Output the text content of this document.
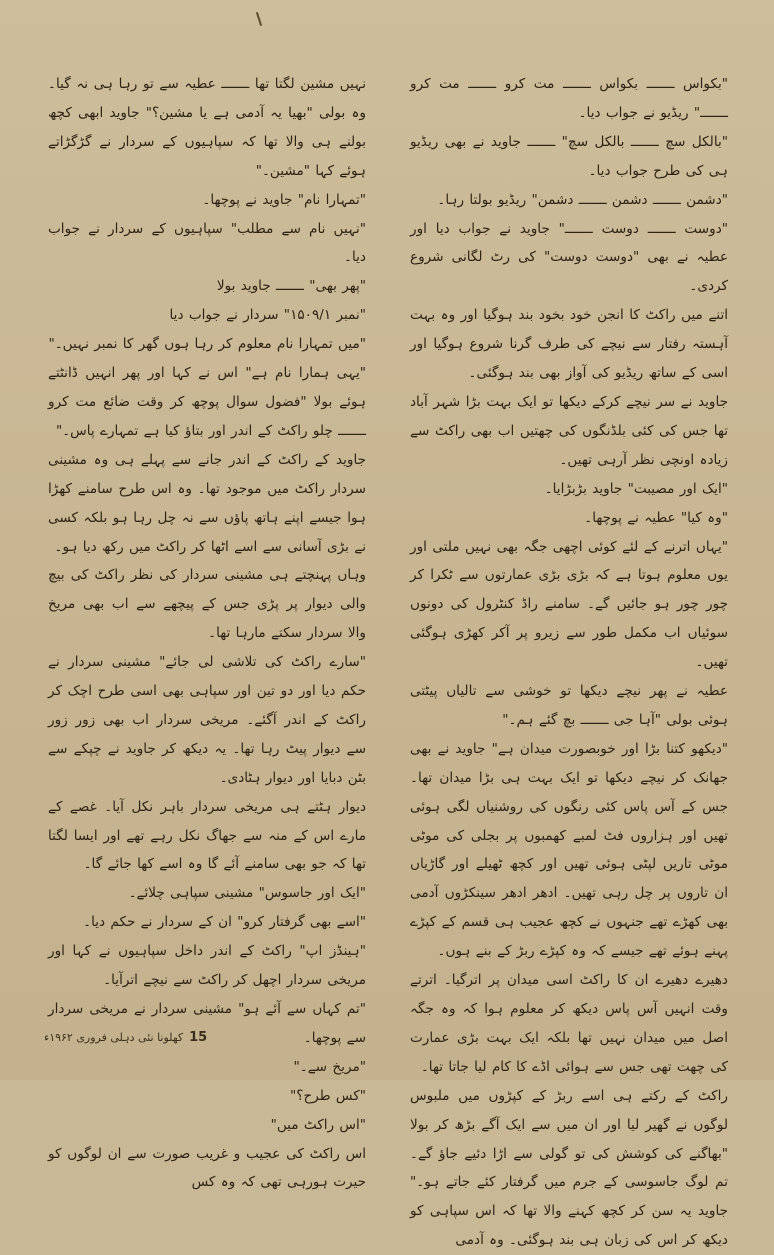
"بکواس ـــــــ بکواس ـــــــ مت کرو ـــــــ مت کرو ـــــــ" ریڈیو نے جواب دیا۔

"بالکل سچ ـــــــ بالکل سچ" ـــــــ جاوید نے بھی ریڈیو ہی کی طرح جواب دیا۔

"دشمن ـــــــ دشمن ـــــــ دشمن" ریڈیو بولتا رہا۔

"دوست ـــــــ دوست ـــــــ" جاوید نے جواب دیا اور عطیہ نے بھی "دوست دوست" کی رٹ لگانی شروع کردی۔

اتنے میں راکٹ کا انجن خود بخود بند ہوگیا اور وہ بہت آہستہ رفتار سے نیچے کی طرف گرنا شروع ہوگیا اور اسی کے ساتھ ریڈیو کی آواز بھی بند ہوگئی۔

جاوید نے سر نیچے کرکے دیکھا تو ایک بہت بڑا شہر آباد تھا جس کی کئی بلڈنگوں کی چھتیں اب بھی راکٹ سے زیادہ اونچی نظر آرہی تھیں۔

"ایک اور مصیبت" جاوید بڑبڑایا۔

"وہ کیا" عطیہ نے پوچھا۔

"یہاں اترنے کے لئے کوئی اچھی جگہ بھی نہیں ملتی اور یوں معلوم ہوتا ہے کہ بڑی بڑی عمارتوں سے ٹکرا کر چور چور ہو جائیں گے۔ سامنے راڈ کنٹرول کی دونوں سوئیاں اب مکمل طور سے زیرو پر آکر کھڑی ہوگئی تھیں۔

عطیہ نے پھر نیچے دیکھا تو خوشی سے تالیاں پیٹتی ہوئی بولی "آہا جی ـــــــ بچ گئے ہم۔"

"دیکھو کتنا بڑا اور خوبصورت میدان ہے" جاوید نے بھی جھانک کر نیچے دیکھا تو ایک بہت ہی بڑا میدان تھا۔ جس کے آس پاس کئی رنگوں کی روشنیاں لگی ہوئی تھیں اور ہزاروں فٹ لمبے کھمبوں پر بجلی کی موٹی موٹی تاریں لپٹی ہوئی تھیں اور کچھ ٹھیلے اور گاڑیاں ان تاروں پر چل رہی تھیں۔ ادھر ادھر سینکڑوں آدمی بھی کھڑے تھے جنہوں نے کچھ عجیب ہی قسم کے کپڑے پہنے ہوئے تھے جیسے کہ وہ کپڑے ربڑ کے بنے ہوں۔

دھیرے دھیرے ان کا راکٹ اسی میدان پر اترگیا۔ اترتے وقت انہیں آس پاس دیکھ کر معلوم ہوا کہ وہ جگہ اصل میں میدان نہیں تھا بلکہ ایک بہت بڑی عمارت کی چھت تھی جس سے ہوائی اڈے کا کام لیا جاتا تھا۔

راکٹ کے رکتے ہی اسے ربڑ کے کپڑوں میں ملبوس لوگوں نے گھیر لیا اور ان میں سے ایک آگے بڑھ کر بولا "بھاگنے کی کوشش کی تو گولی سے اڑا دئیے جاؤ گے۔ تم لوگ جاسوسی کے جرم میں گرفتار کئے جاتے ہو۔" جاوید یہ سن کر کچھ کہنے والا تھا کہ اس سپاہی کو دیکھ کر اس کی زبان ہی بند ہوگئی۔ وہ آدمی

نہیں مشین لگتا تھا ـــــــ عطیہ سے تو رہا ہی نہ گیا۔ وہ بولی "بھیا یہ آدمی ہے یا مشین؟" جاوید ابھی کچھ بولنے ہی والا تھا کہ سپاہیوں کے سردار نے گڑگڑاتے ہوئے کہا "مشین۔"

"تمہارا نام" جاوید نے پوچھا۔

"نہیں نام سے مطلب" سپاہیوں کے سردار نے جواب دیا۔

"پھر بھی" ـــــــ جاوید بولا

"نمبر ۱۵۰۹/۱" سردار نے جواب دیا

"میں تمہارا نام معلوم کر رہا ہوں گھر کا نمبر نہیں۔"

"یہی ہمارا نام ہے" اس نے کہا اور پھر انہیں ڈانٹتے ہوئے بولا "فضول سوال پوچھ کر وقت ضائع مت کرو ـــــــ چلو راکٹ کے اندر اور بتاؤ کیا ہے تمہارے پاس۔"

جاوید کے راکٹ کے اندر جانے سے پہلے ہی وہ مشینی سردار راکٹ میں موجود تھا۔ وہ اس طرح سامنے کھڑا ہوا جیسے اپنے ہاتھ پاؤں سے نہ چل رہا ہو بلکہ کسی نے بڑی آسانی سے اسے اٹھا کر راکٹ میں رکھ دیا ہو۔

وہاں پہنچتے ہی مشینی سردار کی نظر راکٹ کی بیچ والی دیوار پر پڑی جس کے پیچھے سے اب بھی مریخ والا سردار سکتے مارہا تھا۔

"سارے راکٹ کی تلاشی لی جائے" مشینی سردار نے حکم دیا اور دو تین اور سپاہی بھی اسی طرح اچک کر راکٹ کے اندر آگئے۔ مریخی سردار اب بھی زور زور سے دیوار پیٹ رہا تھا۔ یہ دیکھ کر جاوید نے چپکے سے بٹن دبایا اور دیوار ہٹادی۔

دیوار ہٹتے ہی مریخی سردار باہر نکل آیا۔ غصے کے مارے اس کے منہ سے جھاگ نکل رہے تھے اور ایسا لگتا تھا کہ جو بھی سامنے آئے گا وہ اسے کھا جائے گا۔

"ایک اور جاسوس" مشینی سپاہی چلائے۔

"اسے بھی گرفتار کرو" ان کے سردار نے حکم دیا۔

"ہینڈز اپ" راکٹ کے اندر داخل سپاہیوں نے کہا اور مریخی سردار اچھل کر راکٹ سے نیچے اترآیا۔

"تم کہاں سے آئے ہو" مشینی سردار نے مریخی سردار سے پوچھا۔

"مریخ سے۔"

"کس طرح؟"

"اس راکٹ میں"

اس راکٹ کی عجیب و غریب صورت سے ان لوگوں کو حیرت ہورہی تھی کہ وہ کس

کھلونا نئی دہلی فروری ۱۹۶۲ء 15
